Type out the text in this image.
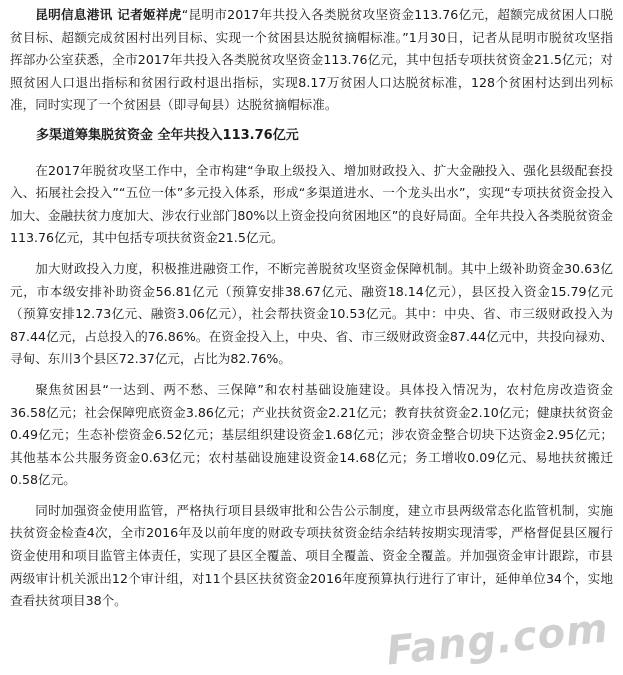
昆明信息港讯 记者姬祥虎“昆明市2017年共投入各类脱贫攻坚资金113.76亿元，超额完成贫困人口脱贫目标、超额完成贫困村出列目标、实现一个贫困县达脱贫摘帽标准。”1月30日，记者从昆明市脱贫攻坚指挥部办公室获悉，全市2017年共投入各类脱贫攻坚资金113.76亿元，其中包括专项扶贫资金21.5亿元；对照贫困人口退出指标和贫困行政村退出指标，实现8.17万贫困人口达脱贫标准，128个贫困村达到出列标准，同时实现了一个贫困县（即寻甸县）达脱贫摘帽标准。

多渠道筹集脱贫资金 全年共投入113.76亿元

在2017年脱贫攻坚工作中，全市构建“争取上级投入、增加财政投入、扩大金融投入、强化县级配套投入、拓展社会投入”“五位一体”多元投入体系，形成“多渠道进水、一个龙头出水”，实现“专项扶贫资金投入加大、金融扶贫力度加大、涉农行业部门80%以上资金投向贫困地区”的良好局面。全年共投入各类脱贫资金113.76亿元，其中包括专项扶贫资金21.5亿元。

加大财政投入力度，积极推进融资工作，不断完善脱贫攻坚资金保障机制。其中上级补助资金30.63亿元，市本级安排补助资金56.81亿元（预算安排38.67亿元、融资18.14亿元），县区投入资金15.79亿元（预算安排12.73亿元、融资3.06亿元），社会帮扶资金10.53亿元。其中：中央、省、市三级财政投入为87.44亿元，占总投入的76.86%。在资金投入上，中央、省、市三级财政资金87.44亿元中，共投向禄劝、寻甸、东川3个县区72.37亿元，占比为82.76%。

聚焦贫困县“一达到、两不愁、三保障”和农村基础设施建设。具体投入情况为，农村危房改造资金36.58亿元；社会保障兜底资金3.86亿元；产业扶贫资金2.21亿元；教育扶贫资金2.10亿元；健康扶贫资金0.49亿元；生态补偿资金6.52亿元；基层组织建设资金1.68亿元；涉农资金整合切块下达资金2.95亿元；其他基本公共服务资金0.63亿元；农村基础设施建设资金14.68亿元；务工增收0.09亿元、易地扶贫搬迁0.58亿元。

同时加强资金使用监管，严格执行项目县级审批和公告公示制度，建立市县两级常态化监管机制，实施扶贫资金检查4次，全市2016年及以前年度的财政专项扶贫资金结余结转按期实现清零，严格督促县区履行资金使用和项目监管主体责任，实现了县区全覆盖、项目全覆盖、资金全覆盖。并加强资金审计跟踪，市县两级审计机关派出12个审计组，对11个县区扶贫资金2016年度预算执行进行了审计，延伸单位34个，实地查看扶贫项目38个。

Fang.com
